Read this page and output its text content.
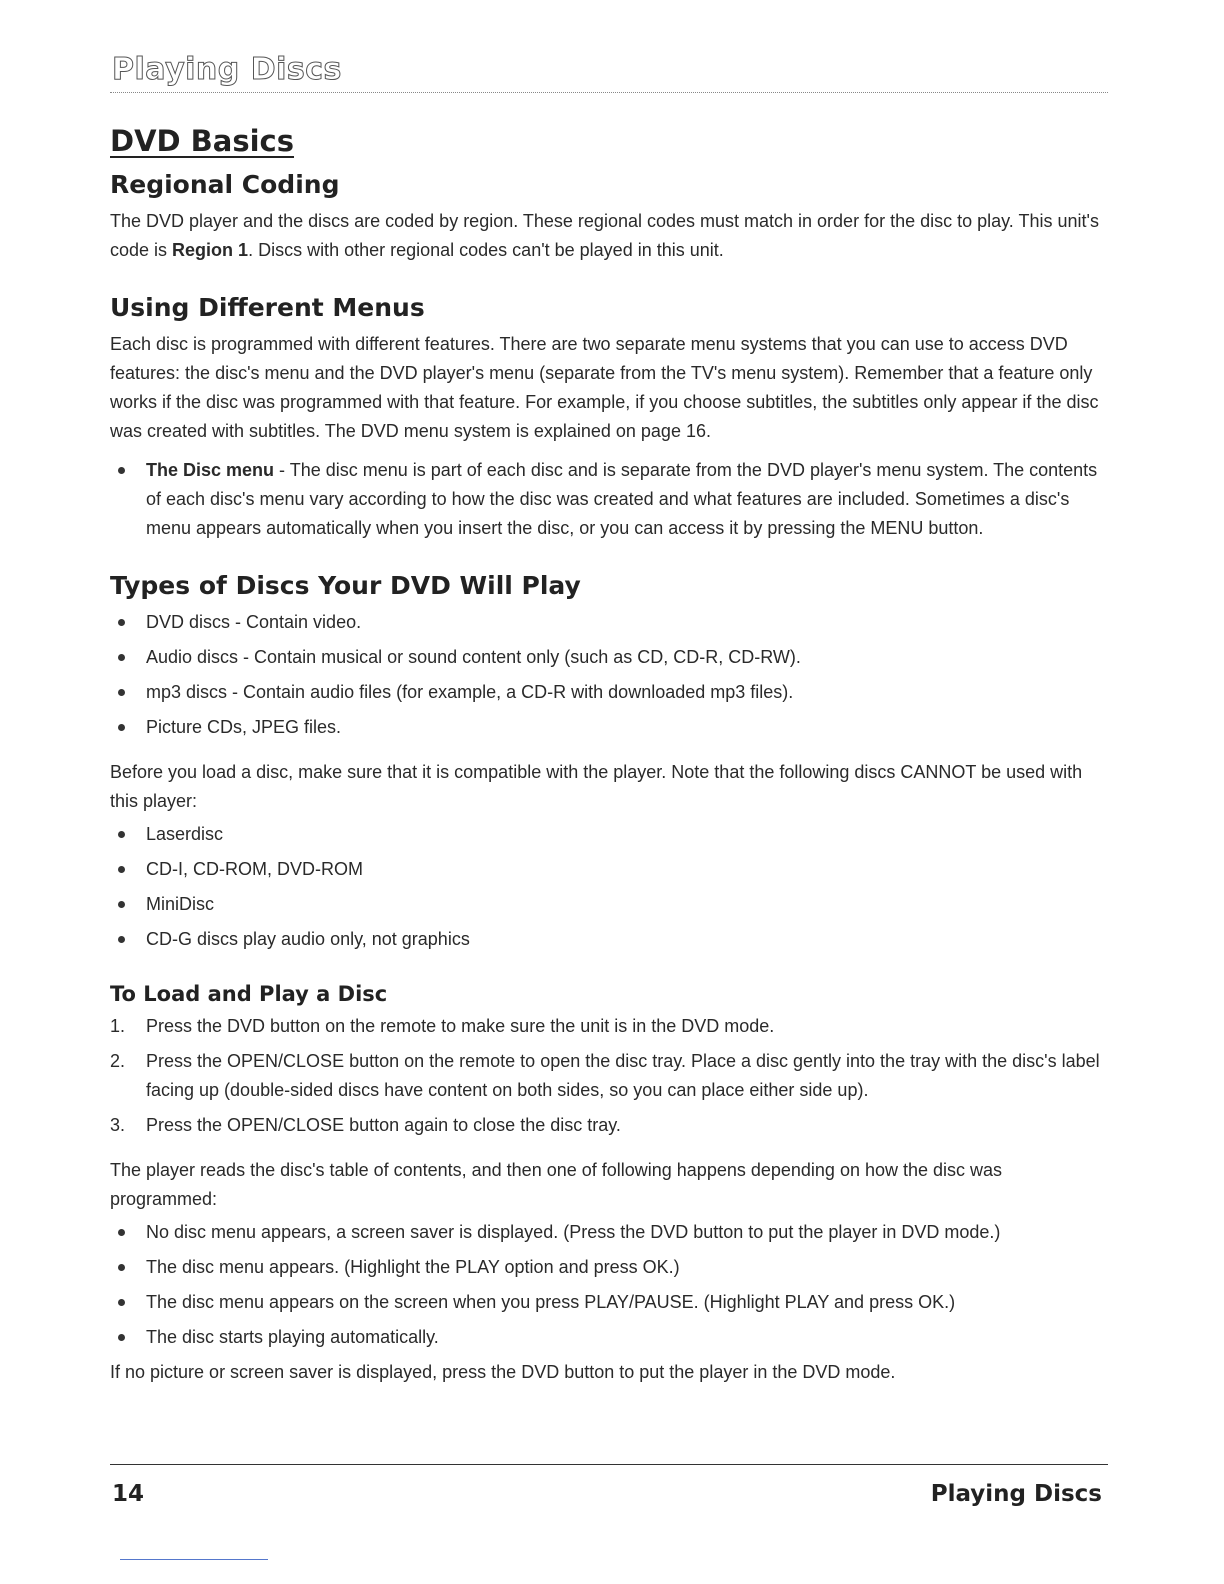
Playing Discs
DVD Basics
Regional Coding

The DVD player and the discs are coded by region. These regional codes must match in order for the disc to play. This unit's code is Region 1. Discs with other regional codes can't be played in this unit.

Using Different Menus

Each disc is programmed with different features. There are two separate menu systems that you can use to access DVD features: the disc's menu and the DVD player's menu (separate from the TV's menu system). Remember that a feature only works if the disc was programmed with that feature. For example, if you choose subtitles, the subtitles only appear if the disc was created with subtitles. The DVD menu system is explained on page 16.

The Disc menu - The disc menu is part of each disc and is separate from the DVD player's menu system. The contents of each disc's menu vary according to how the disc was created and what features are included. Sometimes a disc's menu appears automatically when you insert the disc, or you can access it by pressing the MENU button.
Types of Discs Your DVD Will Play
DVD discs - Contain video.
Audio discs - Contain musical or sound content only (such as CD, CD-R, CD-RW).
mp3 discs - Contain audio files (for example, a CD-R with downloaded mp3 files).
Picture CDs, JPEG files.

Before you load a disc, make sure that it is compatible with the player. Note that the following discs CANNOT be used with this player:

Laserdisc
CD-I, CD-ROM, DVD-ROM
MiniDisc
CD-G discs play audio only, not graphics
To Load and Play a Disc
1. Press the DVD button on the remote to make sure the unit is in the DVD mode.
2. Press the OPEN/CLOSE button on the remote to open the disc tray. Place a disc gently into the tray with the disc's label facing up (double-sided discs have content on both sides, so you can place either side up).
3. Press the OPEN/CLOSE button again to close the disc tray.

The player reads the disc's table of contents, and then one of following happens depending on how the disc was programmed:

No disc menu appears, a screen saver is displayed. (Press the DVD button to put the player in DVD mode.)
The disc menu appears. (Highlight the PLAY option and press OK.)
The disc menu appears on the screen when you press PLAY/PAUSE. (Highlight PLAY and press OK.)
The disc starts playing automatically.

If no picture or screen saver is displayed, press the DVD button to put the player in the DVD mode.

14	Playing Discs
